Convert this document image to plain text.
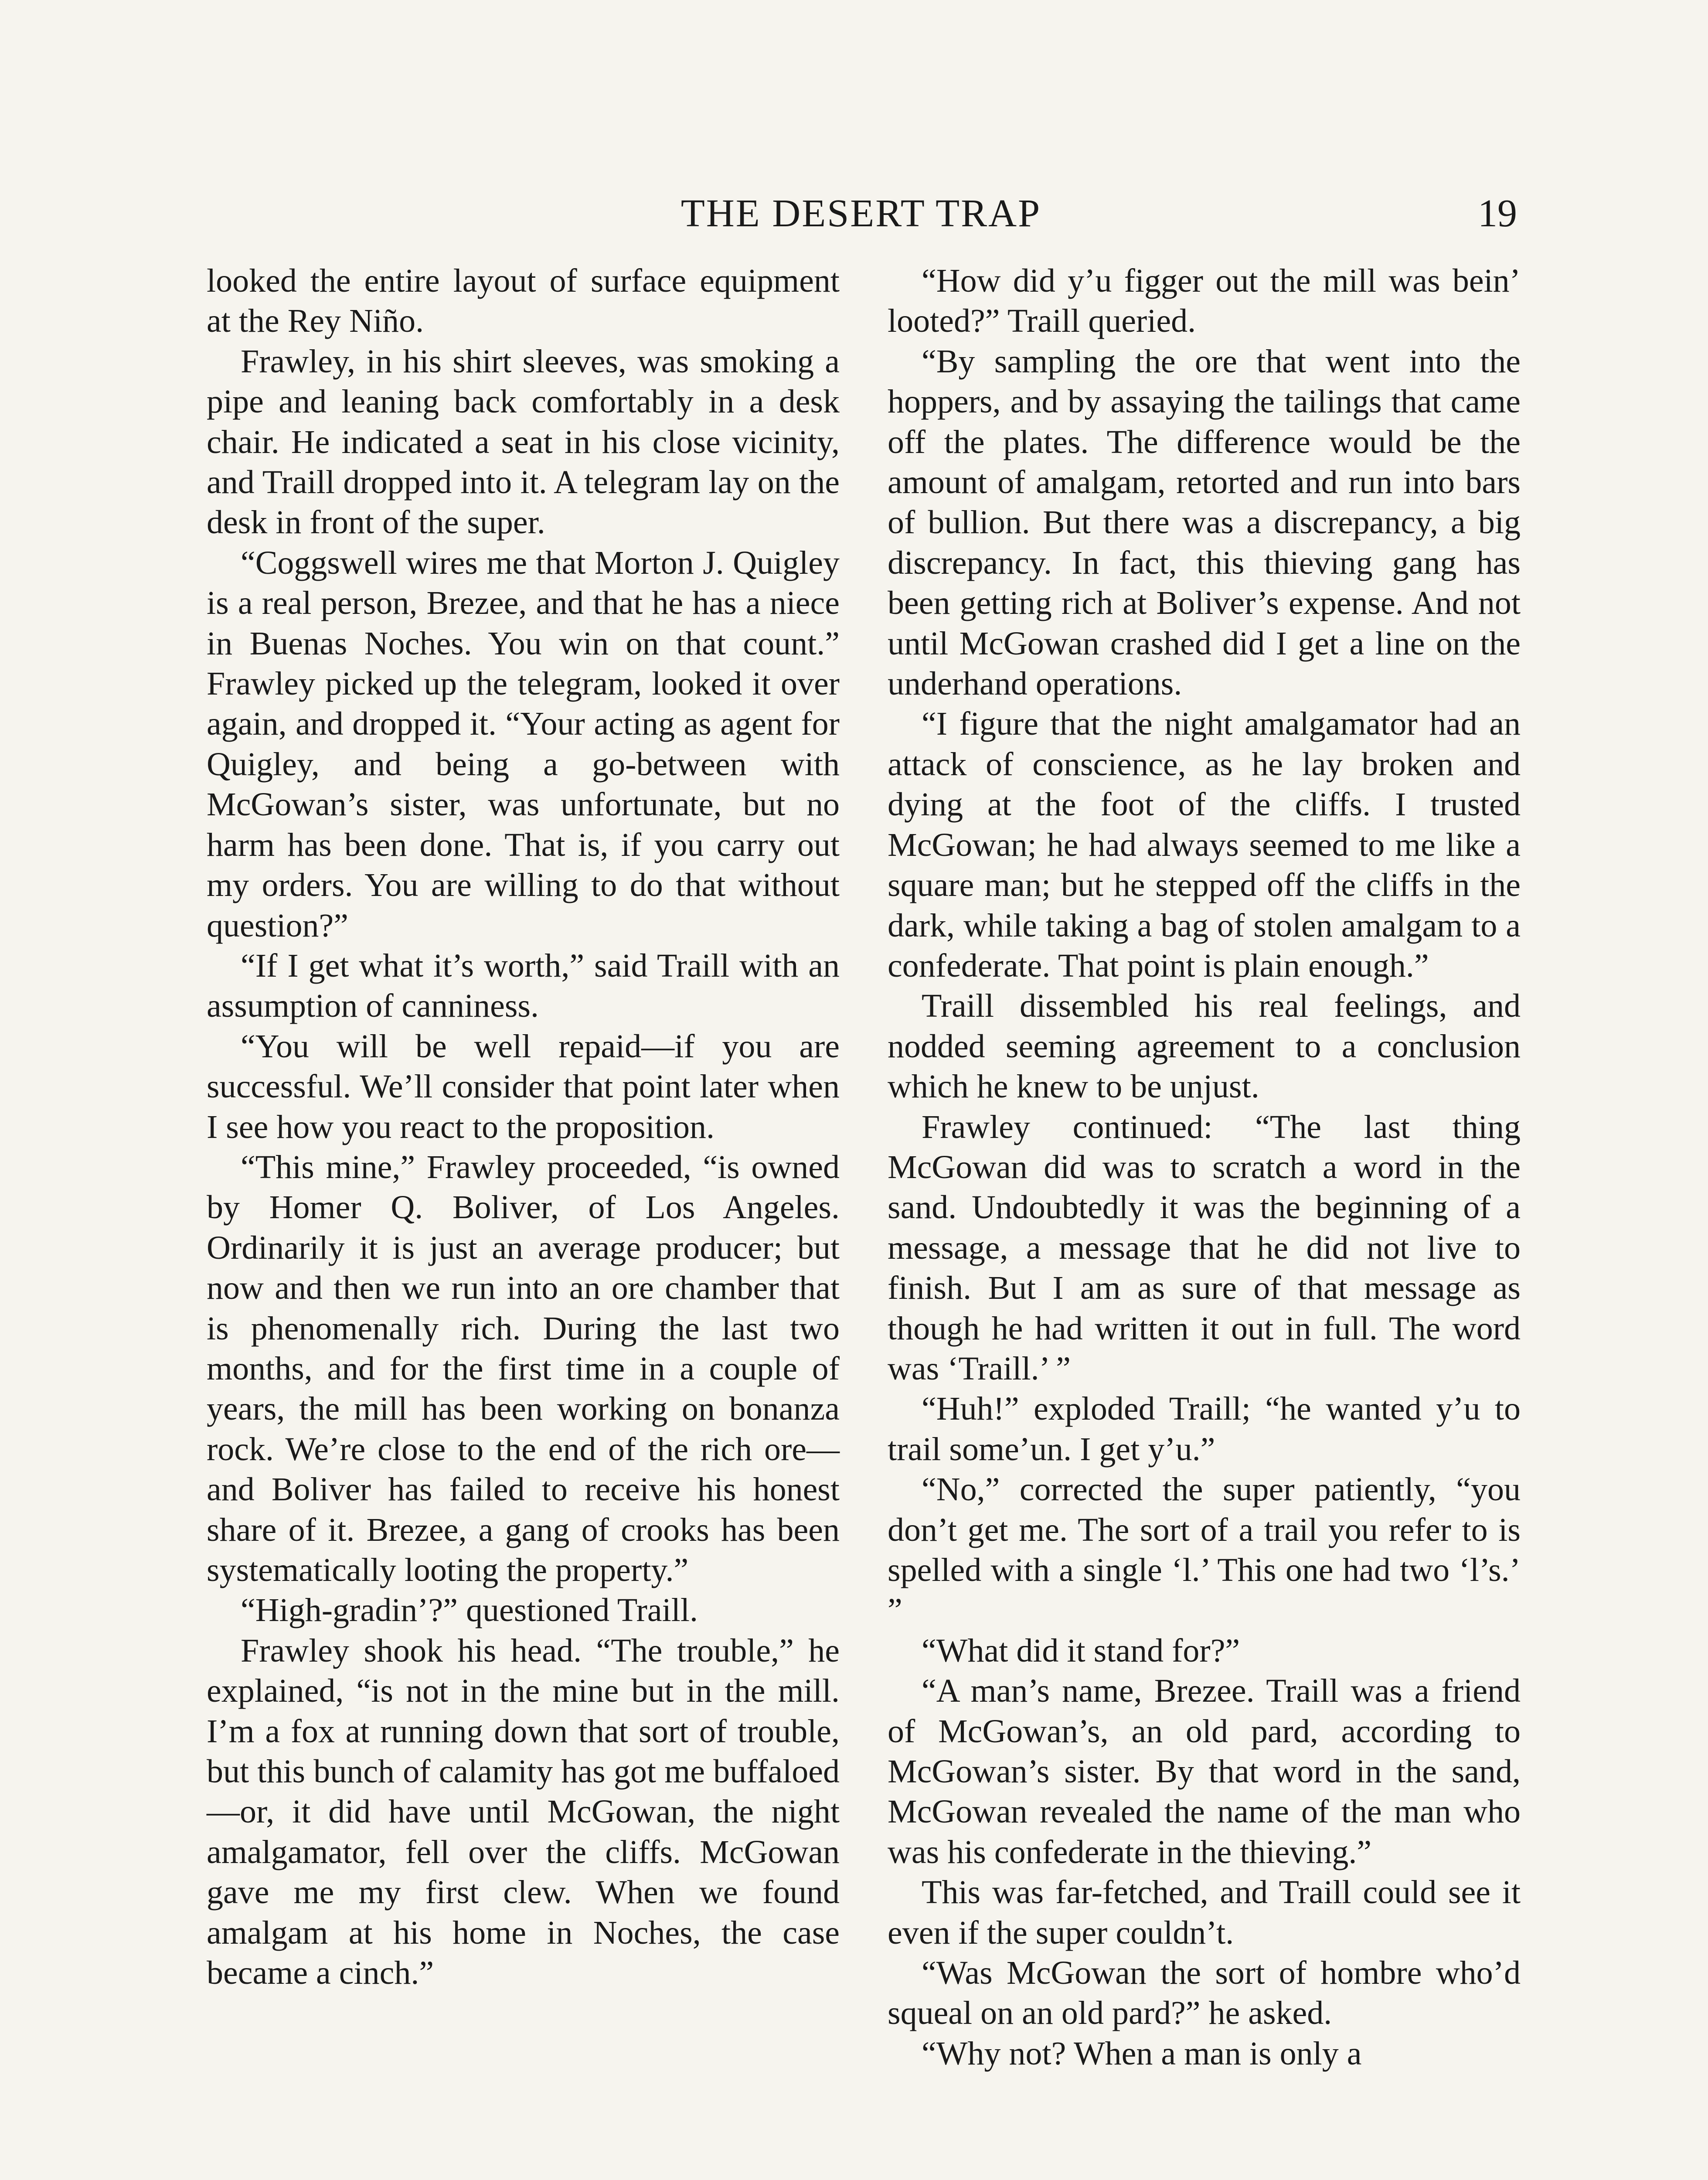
THE DESERT TRAP	19

looked the entire layout of surface equipment at the Rey Niño.

Frawley, in his shirt sleeves, was smoking a pipe and leaning back comfortably in a desk chair. He indicated a seat in his close vicinity, and Traill dropped into it. A telegram lay on the desk in front of the super.

“Coggswell wires me that Morton J. Quigley is a real person, Brezee, and that he has a niece in Buenas Noches. You win on that count.” Frawley picked up the telegram, looked it over again, and dropped it. “Your acting as agent for Quigley, and being a go-between with McGowan’s sister, was unfortunate, but no harm has been done. That is, if you carry out my orders. You are willing to do that without question?”

“If I get what it’s worth,” said Traill with an assumption of canniness.

“You will be well repaid—if you are successful. We’ll consider that point later when I see how you react to the proposition.

“This mine,” Frawley proceeded, “is owned by Homer Q. Boliver, of Los Angeles. Ordinarily it is just an average producer; but now and then we run into an ore chamber that is phenomenally rich. During the last two months, and for the first time in a couple of years, the mill has been working on bonanza rock. We’re close to the end of the rich ore—and Boliver has failed to receive his honest share of it. Brezee, a gang of crooks has been systematically looting the property.”

“High-gradin’?” questioned Traill.

Frawley shook his head. “The trouble,” he explained, “is not in the mine but in the mill. I’m a fox at running down that sort of trouble, but this bunch of calamity has got me buffaloed—or, it did have until McGowan, the night amalgamator, fell over the cliffs. McGowan gave me my first clew. When we found amalgam at his home in Noches, the case became a cinch.”

“How did y’u figger out the mill was bein’ looted?” Traill queried.

“By sampling the ore that went into the hoppers, and by assaying the tailings that came off the plates. The difference would be the amount of amalgam, retorted and run into bars of bullion. But there was a discrepancy, a big discrepancy. In fact, this thieving gang has been getting rich at Boliver’s expense. And not until McGowan crashed did I get a line on the underhand operations.

“I figure that the night amalgamator had an attack of conscience, as he lay broken and dying at the foot of the cliffs. I trusted McGowan; he had always seemed to me like a square man; but he stepped off the cliffs in the dark, while taking a bag of stolen amalgam to a confederate. That point is plain enough.”

Traill dissembled his real feelings, and nodded seeming agreement to a conclusion which he knew to be unjust.

Frawley continued: “The last thing McGowan did was to scratch a word in the sand. Undoubtedly it was the beginning of a message, a message that he did not live to finish. But I am as sure of that message as though he had written it out in full. The word was ‘Traill.’ ”

“Huh!” exploded Traill; “he wanted y’u to trail some’un. I get y’u.”

“No,” corrected the super patiently, “you don’t get me. The sort of a trail you refer to is spelled with a single ‘l.’ This one had two ‘l’s.’ ”

“What did it stand for?”

“A man’s name, Brezee. Traill was a friend of McGowan’s, an old pard, according to McGowan’s sister. By that word in the sand, McGowan revealed the name of the man who was his confederate in the thieving.”

This was far-fetched, and Traill could see it even if the super couldn’t.

“Was McGowan the sort of hombre who’d squeal on an old pard?” he asked.

“Why not? When a man is only a
